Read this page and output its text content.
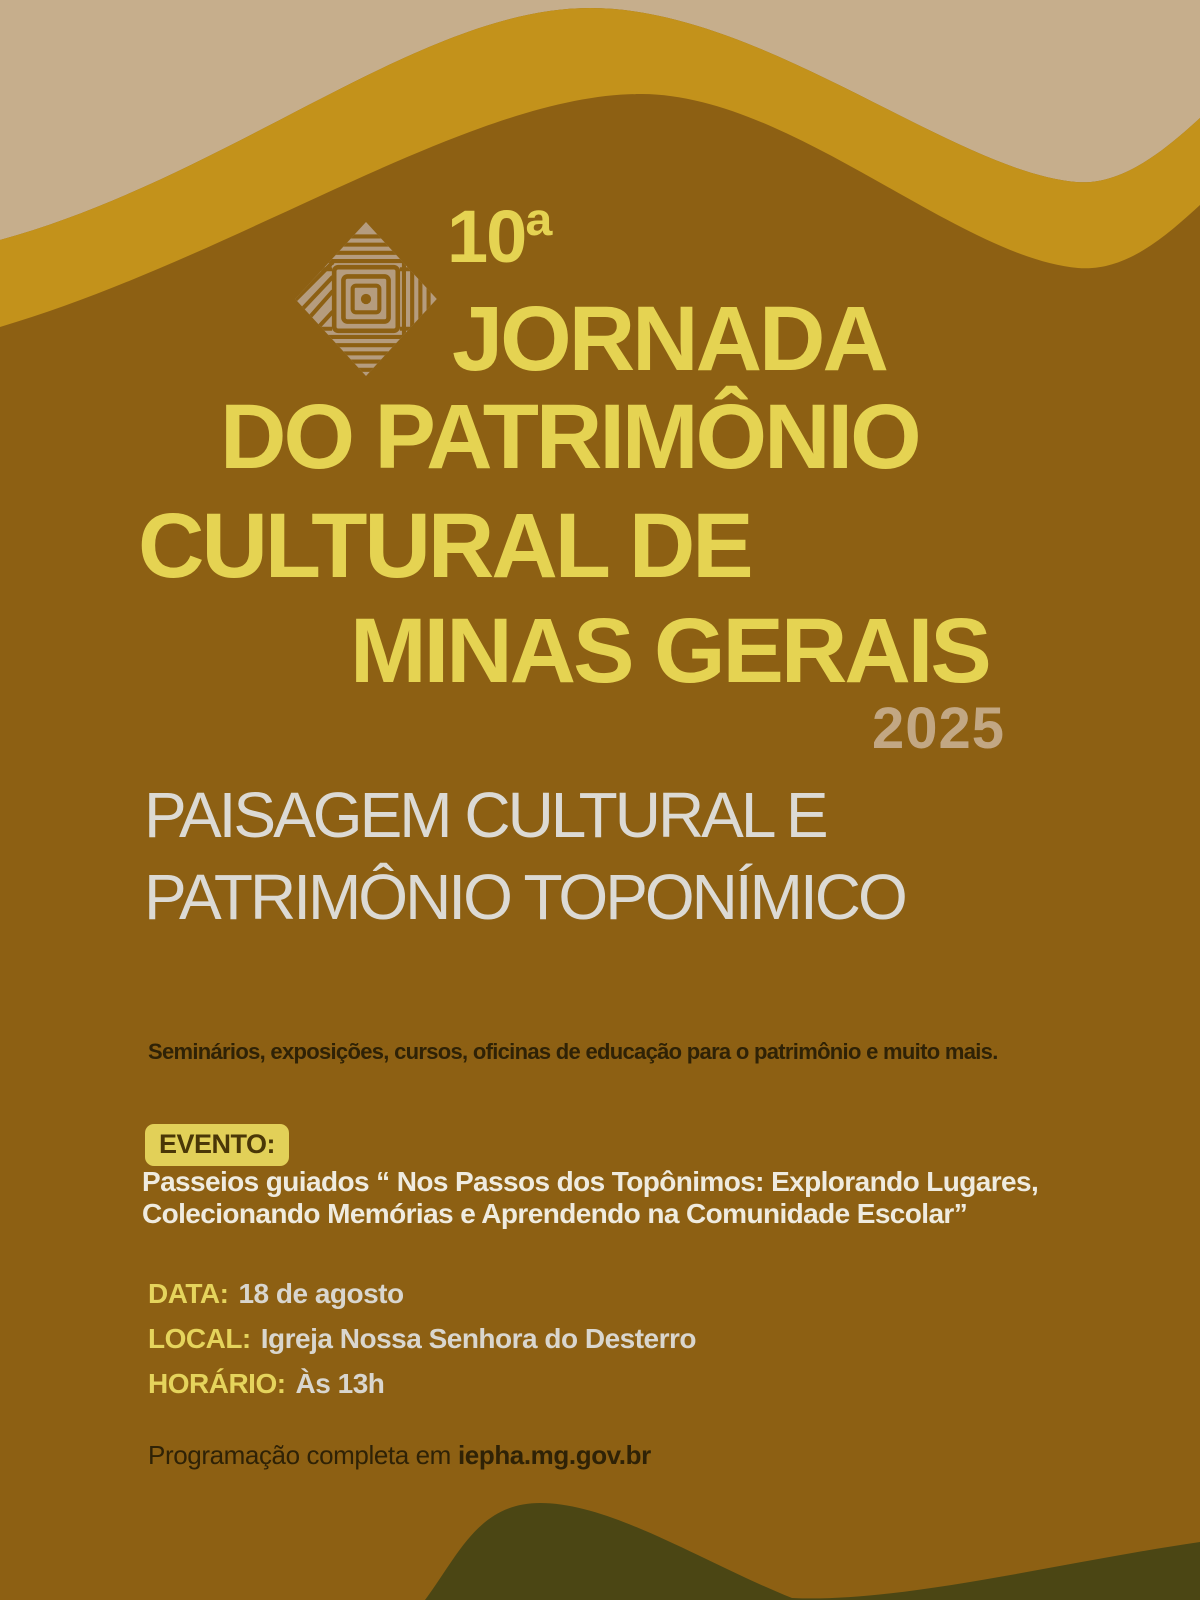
10ª
JORNADA
DO PATRIMÔNIO
CULTURAL DE
MINAS GERAIS
2025
PAISAGEM CULTURAL E
PATRIMÔNIO TOPONÍMICO
Seminários, exposições, cursos, oficinas de educação para o patrimônio e muito mais.
EVENTO:
Passeios guiados “ Nos Passos dos Topônimos: Explorando Lugares,
Colecionando Memórias e Aprendendo na Comunidade Escolar”
DATA: 18 de agosto
LOCAL: Igreja Nossa Senhora do Desterro
HORÁRIO: Às 13h
Programação completa em iepha.mg.gov.br
